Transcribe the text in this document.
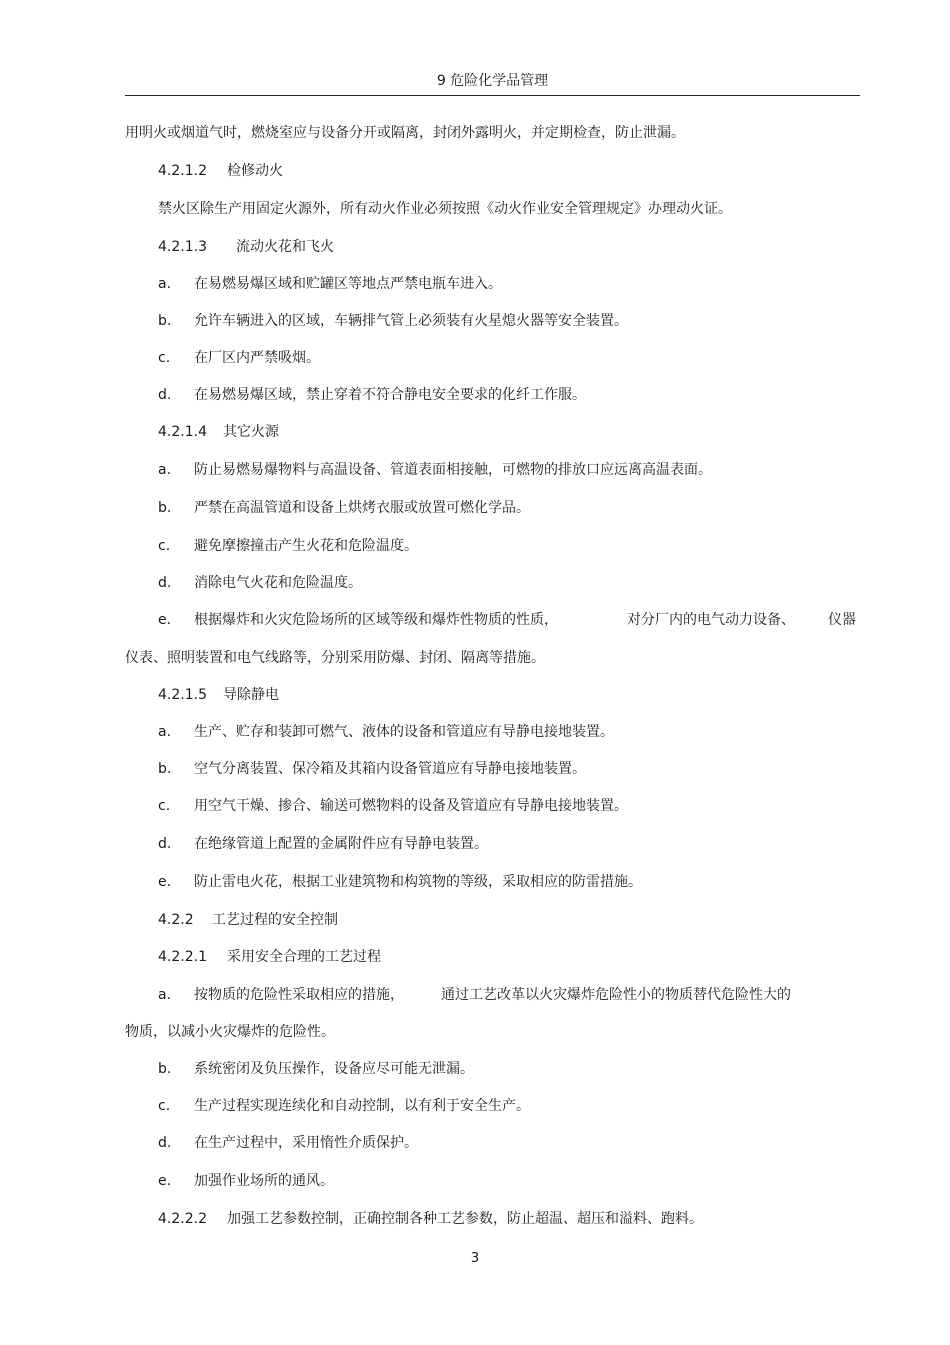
9 危险化学品管理
用明火或烟道气时，燃烧室应与设备分开或隔离，封闭外露明火，并定期检查，防止泄漏。
4.2.1.2 检修动火
禁火区除生产用固定火源外，所有动火作业必须按照《动火作业安全管理规定》办理动火证。
4.2.1.3 流动火花和飞火
a. 在易燃易爆区域和贮罐区等地点严禁电瓶车进入。
b. 允许车辆进入的区域，车辆排气管上必须装有火星熄火器等安全装置。
c. 在厂区内严禁吸烟。
d. 在易燃易爆区域，禁止穿着不符合静电安全要求的化纤工作服。
4.2.1.4 其它火源
a. 防止易燃易爆物料与高温设备、管道表面相接触，可燃物的排放口应远离高温表面。
b. 严禁在高温管道和设备上烘烤衣服或放置可燃化学品。
c. 避免摩擦撞击产生火花和危险温度。
d. 消除电气火花和危险温度。
e. 根据爆炸和火灾危险场所的区域等级和爆炸性物质的性质，	对分厂内的电气动力设备、 仪器
仪表、照明装置和电气线路等，分别采用防爆、封闭、隔离等措施。
4.2.1.5 导除静电
a. 生产、贮存和装卸可燃气、液体的设备和管道应有导静电接地装置。
b. 空气分离装置、保冷箱及其箱内设备管道应有导静电接地装置。
c. 用空气干燥、掺合、输送可燃物料的设备及管道应有导静电接地装置。
d. 在绝缘管道上配置的金属附件应有导静电装置。
e. 防止雷电火花，根据工业建筑物和构筑物的等级，采取相应的防雷措施。
4.2.2 工艺过程的安全控制
4.2.2.1 采用安全合理的工艺过程
a. 按物质的危险性采取相应的措施，	通过工艺改革以火灾爆炸危险性小的物质替代危险性大的
物质，以减小火灾爆炸的危险性。
b. 系统密闭及负压操作，设备应尽可能无泄漏。
c. 生产过程实现连续化和自动控制，以有利于安全生产。
d. 在生产过程中，采用惰性介质保护。
e. 加强作业场所的通风。
4.2.2.2 加强工艺参数控制，正确控制各种工艺参数，防止超温、超压和溢料、跑料。
3
